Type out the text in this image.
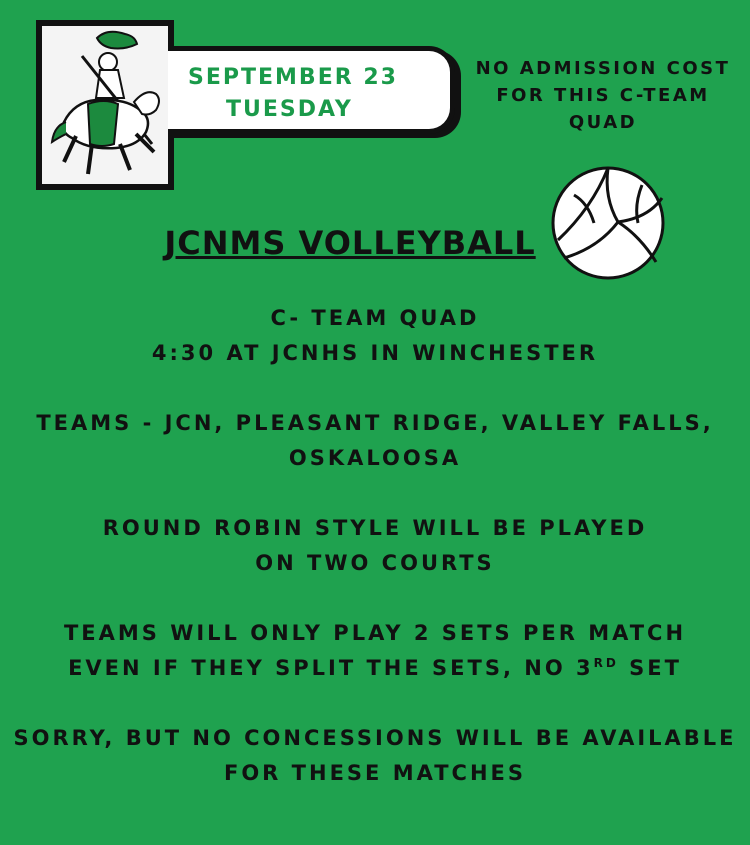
SEPTEMBER 23
TUESDAY
NO ADMISSION COST
FOR THIS C-TEAM QUAD
JCNMS VOLLEYBALL
C- TEAM QUAD
4:30 AT JCNHS IN WINCHESTER
TEAMS - JCN, PLEASANT RIDGE, VALLEY FALLS,
OSKALOOSA
ROUND ROBIN STYLE WILL BE PLAYED
ON TWO COURTS
TEAMS WILL ONLY PLAY 2 SETS PER MATCH
EVEN IF THEY SPLIT THE SETS, NO 3RD SET
SORRY, BUT NO CONCESSIONS WILL BE AVAILABLE
FOR THESE MATCHES
